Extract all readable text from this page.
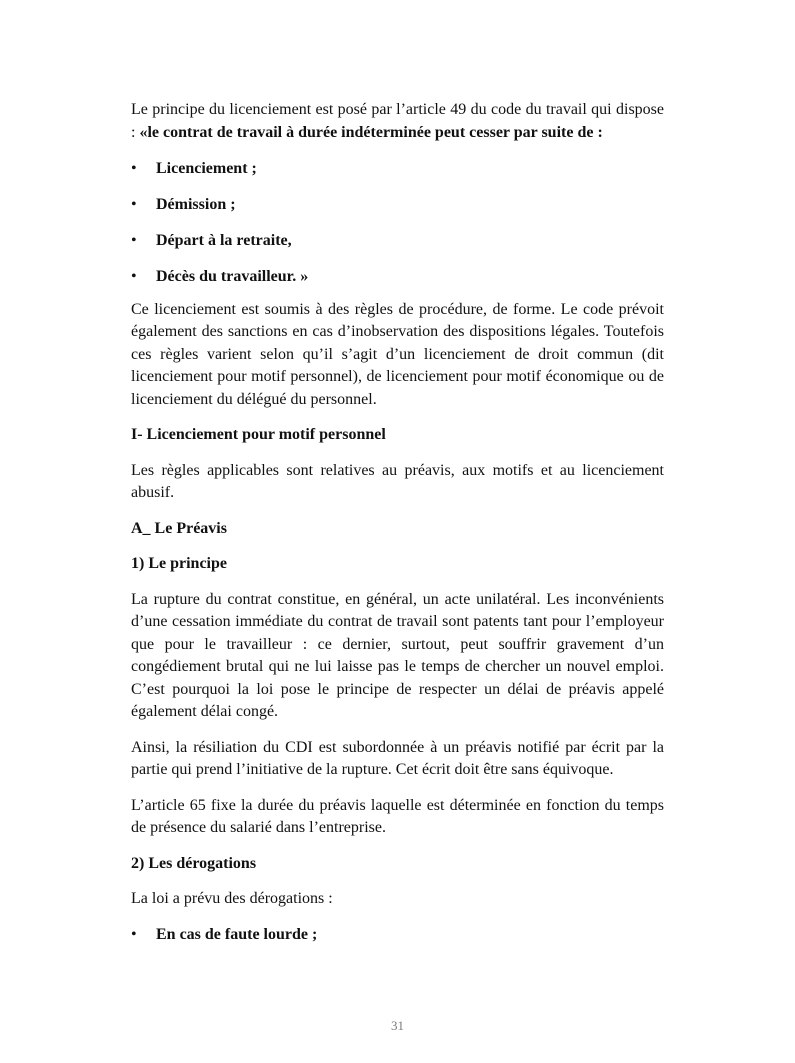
Le principe du licenciement est posé par l’article 49 du code du travail qui dispose : «le contrat de travail à durée indéterminée peut cesser par suite de :

• Licenciement ;
• Démission ;
• Départ à la retraite,
• Décès du travailleur. »

Ce licenciement est soumis à des règles de procédure, de forme. Le code prévoit également des sanctions en cas d’inobservation des dispositions légales. Toutefois ces règles varient selon qu’il s’agit d’un licenciement de droit commun (dit licenciement pour motif personnel), de licenciement pour motif économique ou de licenciement du délégué du personnel.

I- Licenciement pour motif personnel

Les règles applicables sont relatives au préavis, aux motifs et au licenciement abusif.

A_ Le Préavis

1) Le principe

La rupture du contrat constitue, en général, un acte unilatéral. Les inconvénients d’une cessation immédiate du contrat de travail sont patents tant pour l’employeur que pour le travailleur : ce dernier, surtout, peut souffrir gravement d’un congédiement brutal qui ne lui laisse pas le temps de chercher un nouvel emploi. C’est pourquoi la loi pose le principe de respecter un délai de préavis appelé également délai congé.

Ainsi, la résiliation du CDI est subordonnée à un préavis notifié par écrit par la partie qui prend l’initiative de la rupture. Cet écrit doit être sans équivoque.

L’article 65 fixe la durée du préavis laquelle est déterminée en fonction du temps de présence du salarié dans l’entreprise.

2) Les dérogations

La loi a prévu des dérogations :

• En cas de faute lourde ;
31
